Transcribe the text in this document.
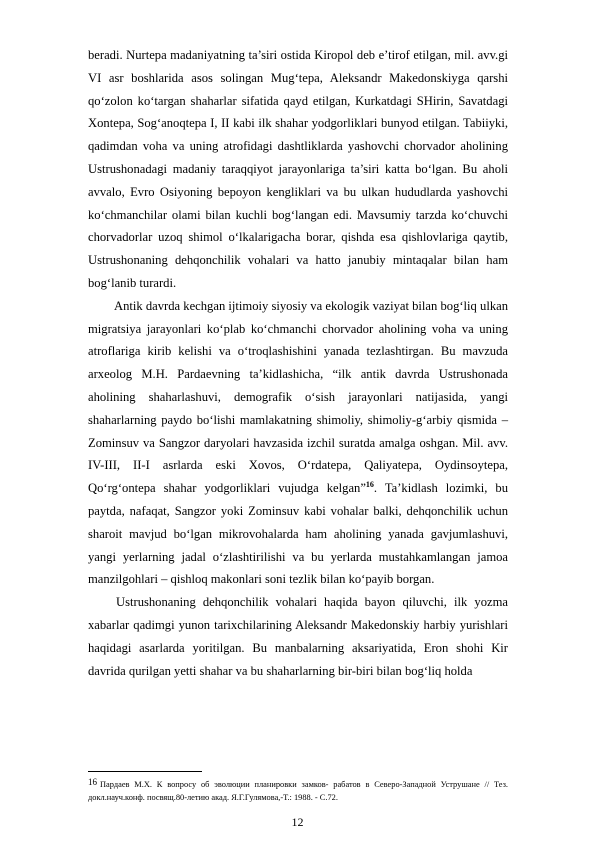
beradi. Nurtepa madaniyatning ta’siri ostida Kiropol deb e’tirof etilgan, mil. avv.gi VI asr boshlarida asos solingan Mug‘tepa, Aleksandr Makedonskiyga qarshi qo‘zolon ko‘targan shaharlar sifatida qayd etilgan, Kurkatdagi SHirin, Savatdagi Xontepa, Sog‘anoqtepa I, II kabi ilk shahar yodgorliklari bunyod etilgan. Tabiiyki, qadimdan voha va uning atrofidagi dashtliklarda yashovchi chorvador aholining Ustrushonadagi madaniy taraqqiyot jarayonlariga ta’siri katta bo‘lgan. Bu aholi avvalo, Evro Osiyoning bepoyon kengliklari va bu ulkan hududlarda yashovchi ko‘chmanchilar olami bilan kuchli bog‘langan edi. Mavsumiy tarzda ko‘chuvchi chorvadorlar uzoq shimol o‘lkalarigacha borar, qishda esa qishlovlariga qaytib, Ustrushonaning dehqonchilik vohalari va hatto janubiy mintaqalar bilan ham bog‘lanib turardi.

Antik davrda kechgan ijtimoiy siyosiy va ekologik vaziyat bilan bog‘liq ulkan migratsiya jarayonlari ko‘plab ko‘chmanchi chorvador aholining voha va uning atroflariga kirib kelishi va o‘troqlashishini yanada tezlashtirgan. Bu mavzuda arxeolog M.H. Pardaevning ta’kidlashicha, “ilk antik davrda Ustrushonada aholining shaharlashuvi, demografik o‘sish jarayonlari natijasida, yangi shaharlarning paydo bo‘lishi mamlakatning shimoliy, shimoliy-g‘arbiy qismida – Zominsuv va Sangzor daryolari havzasida izchil suratda amalga oshgan. Mil. avv. IV-III, II-I asrlarda eski Xovos, O‘rdatepa, Qaliyatepa, Oydinsoytepa, Qo‘rg‘ontepa shahar yodgorliklari vujudga kelgan”$^{16}$. Ta’kidlash lozimki, bu paytda, nafaqat, Sangzor yoki Zominsuv kabi vohalar balki, dehqonchilik uchun sharoit mavjud bo‘lgan mikrovohalarda ham aholining yanada gavjumlashuvi, yangi yerlarning jadal o‘zlashtirilishi va bu yerlarda mustahkamlangan jamoa manzilgohlari – qishloq makonlari soni tezlik bilan ko‘payib borgan.

Ustrushonaning dehqonchilik vohalari haqida bayon qiluvchi, ilk yozma xabarlar qadimgi yunon tarixchilarining Aleksandr Makedonskiy harbiy yurishlari haqidagi asarlarda yoritilgan. Bu manbalarning aksariyatida, Eron shohi Kir davrida qurilgan yetti shahar va bu shaharlarning bir-biri bilan bog‘liq holda

16 Пардаев М.Х. К вопросу об эволюции планировки замков- рабатов в Северо-Западной Уструшане // Тез. докл.науч.конф. посвящ.80-летию акад. Я.Г.Гулямова,-Т.: 1988. - С.72.

12
